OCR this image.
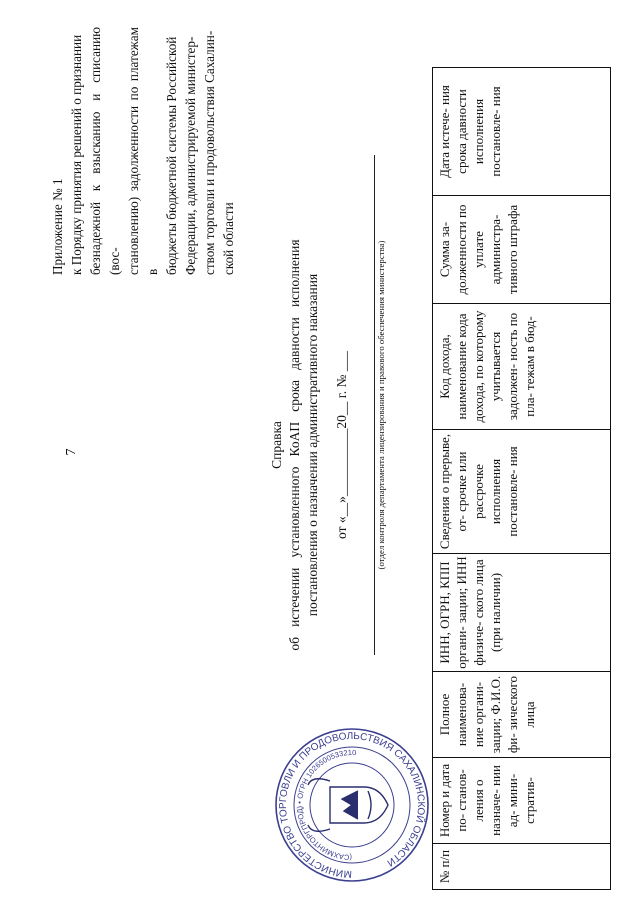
7
Приложение № 1 к Порядку принятия решений о признании безнадежной к взысканию и списанию (вос- становлению) задолженности по платежам в бюджеты бюджетной системы Российской Федерации, администрируемой министер- ством торговли и продовольствия Сахалин- ской области
Справка об   истечении   установленного   КоАП   срока   давности   исполнения постановления о назначении административного наказания от «__»__________20__ г. № ___	(отдел контроля департамента лицензирования и правового обеспечения министерства)
МИНИСТЕРСТВО ТОРГОВЛИ И ПРОДОВОЛЬСТВИЯ САХАЛИНСКОЙ ОБЛАСТИ
(САХМИНТОРГПРОД) • ОГРН 1026500533210
№ п/п	Номер и дата по- станов- ления о назначе- нии ад- мини- стратив-	Полное наименова- ние органи- зации; Ф.И.О. фи- зического лица	ИНН, ОГРН, КПП органи- зации; ИНН физиче- ского лица (при наличии)	Сведения о прерыве, от- срочке или рассрочке исполнения постановле- ния	Код дохода, наименование кода дохода, по которому учитывается задолжен- ность по пла- тежам в бюд-	Сумма за- долженности по уплате администра- тивного штрафа	Дата истече- ния срока давности исполнения постановле- ния
